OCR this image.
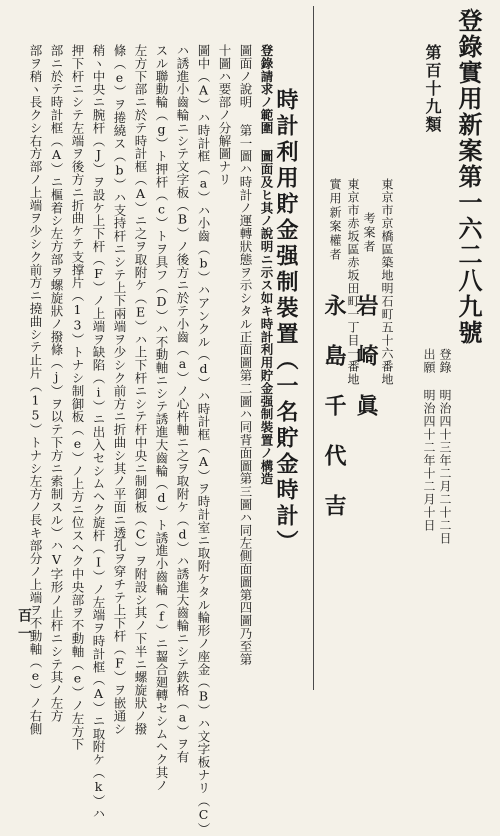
登錄實用新案第一六二八九號
第百十九類
出願 明治四十二年十二月十日 登錄 明治四十三年二月二十二日
東京市京橋區築地明石町五十六番地
考案者
岩崎眞
東京市赤坂區赤坂田町一丁目一番地
實用新案權者
永島千代吉
時計利用貯金强制裝置（一名貯金時計）
登錄請求ノ範圍 圖面及ヒ其ノ說明ニ示ス如キ時計利用貯金强制裝置ノ構造
圖面ノ說明 第一圖ハ時計ノ運轉狀態ヲ示シタル正面圖第二圖ハ同背面圖第三圖ハ同左側面圖第四圖乃至第
十圖ハ要部ノ分解圖ナリ
圖中（A）ハ時計框（a）ハ小齒（b）ハアンクル（d）ハ時計框（A）ヲ時計室ニ取附ケタル輪形ノ座金（B）ハ文字板ナリ（C）
ハ誘進小齒輪ニシテ文字板（B）ノ後方ニ於テ小齒（a）ノ心杵軸ニ之ヲ取附ケ（d）ハ誘進大齒輪ニシテ鉄格（a）ヲ有
スル聯動輪（g）ト押杆（c）トヲ具フ（D）ハ不動軸ニシテ誘進大齒輪（d）ト誘進小齒輪（f）ニ齧合廻轉セシムヘク其ノ
左方下部ニ於テ時計框（A）ニ之ヲ取附ケ（E）ハ上下杆ニシテ杆中央ニ制御板（C）ヲ附設シ其ノ下半ニ螺旋狀ノ撥
條（e）ヲ捲繞ス（b）ハ支持杆ニシテ上下兩端ヲ少シク前方ニ折曲シ其ノ平面ニ透孔ヲ穿チテ上下杆（F）ヲ嵌通シ
稍ヽ中央ニ腕杆（J）ヲ設ケ上下杆（F）ノ上端ヲ缺陷（i）ニ出入セシムヘク旋杆（I）ノ左端ヲ時計框（A）ニ取附ケ（k）ハ
押下杆ニシテ左端ヲ後方ニ折曲ケテ支撑片（13）トナシ制御板（e）ノ上方ニ位スヘク中央部ヲ不動軸（e）ノ左方下
部ニ於テ時計框（A）ニ樞着シ左方部ヲ螺旋狀ノ撥條（j）ヲ以テ下方ニ索制スル）ハV字形ノ止杆ニシテ其ノ左方
部ヲ稍ヽ長クシ右方部ノ上端ヲ少シク前方ニ撓曲シテ止片（15）トナシ左方ノ長キ部分ノ上端ヲ不動軸（e）ノ右側
百一
